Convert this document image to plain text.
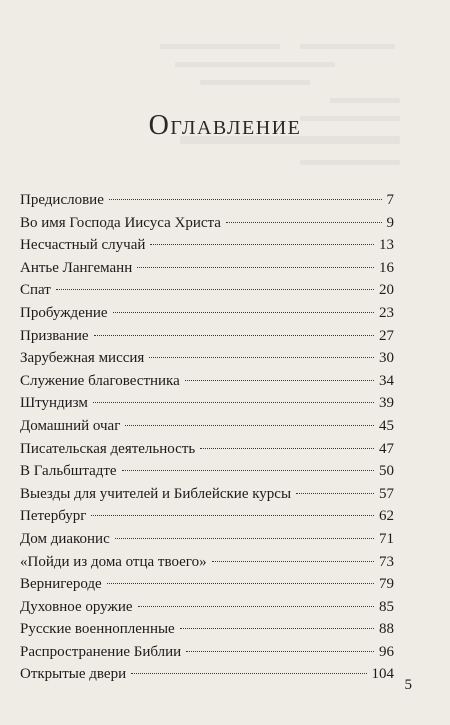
Оглавление
Предисловие	7
Во имя Господа Иисуса Христа	9
Несчастный случай	13
Антье Лангеманн	16
Спат	20
Пробуждение	23
Призвание	27
Зарубежная миссия	30
Служение благовестника	34
Штундизм	39
Домашний очаг	45
Писательская деятельность	47
В Гальбштадте	50
Выезды для учителей и Библейские курсы	57
Петербург	62
Дом диаконис	71
«Пойди из дома отца твоего»	73
Вернигероде	79
Духовное оружие	85
Русские военнопленные	88
Распространение Библии	96
Открытые двери	104
5
